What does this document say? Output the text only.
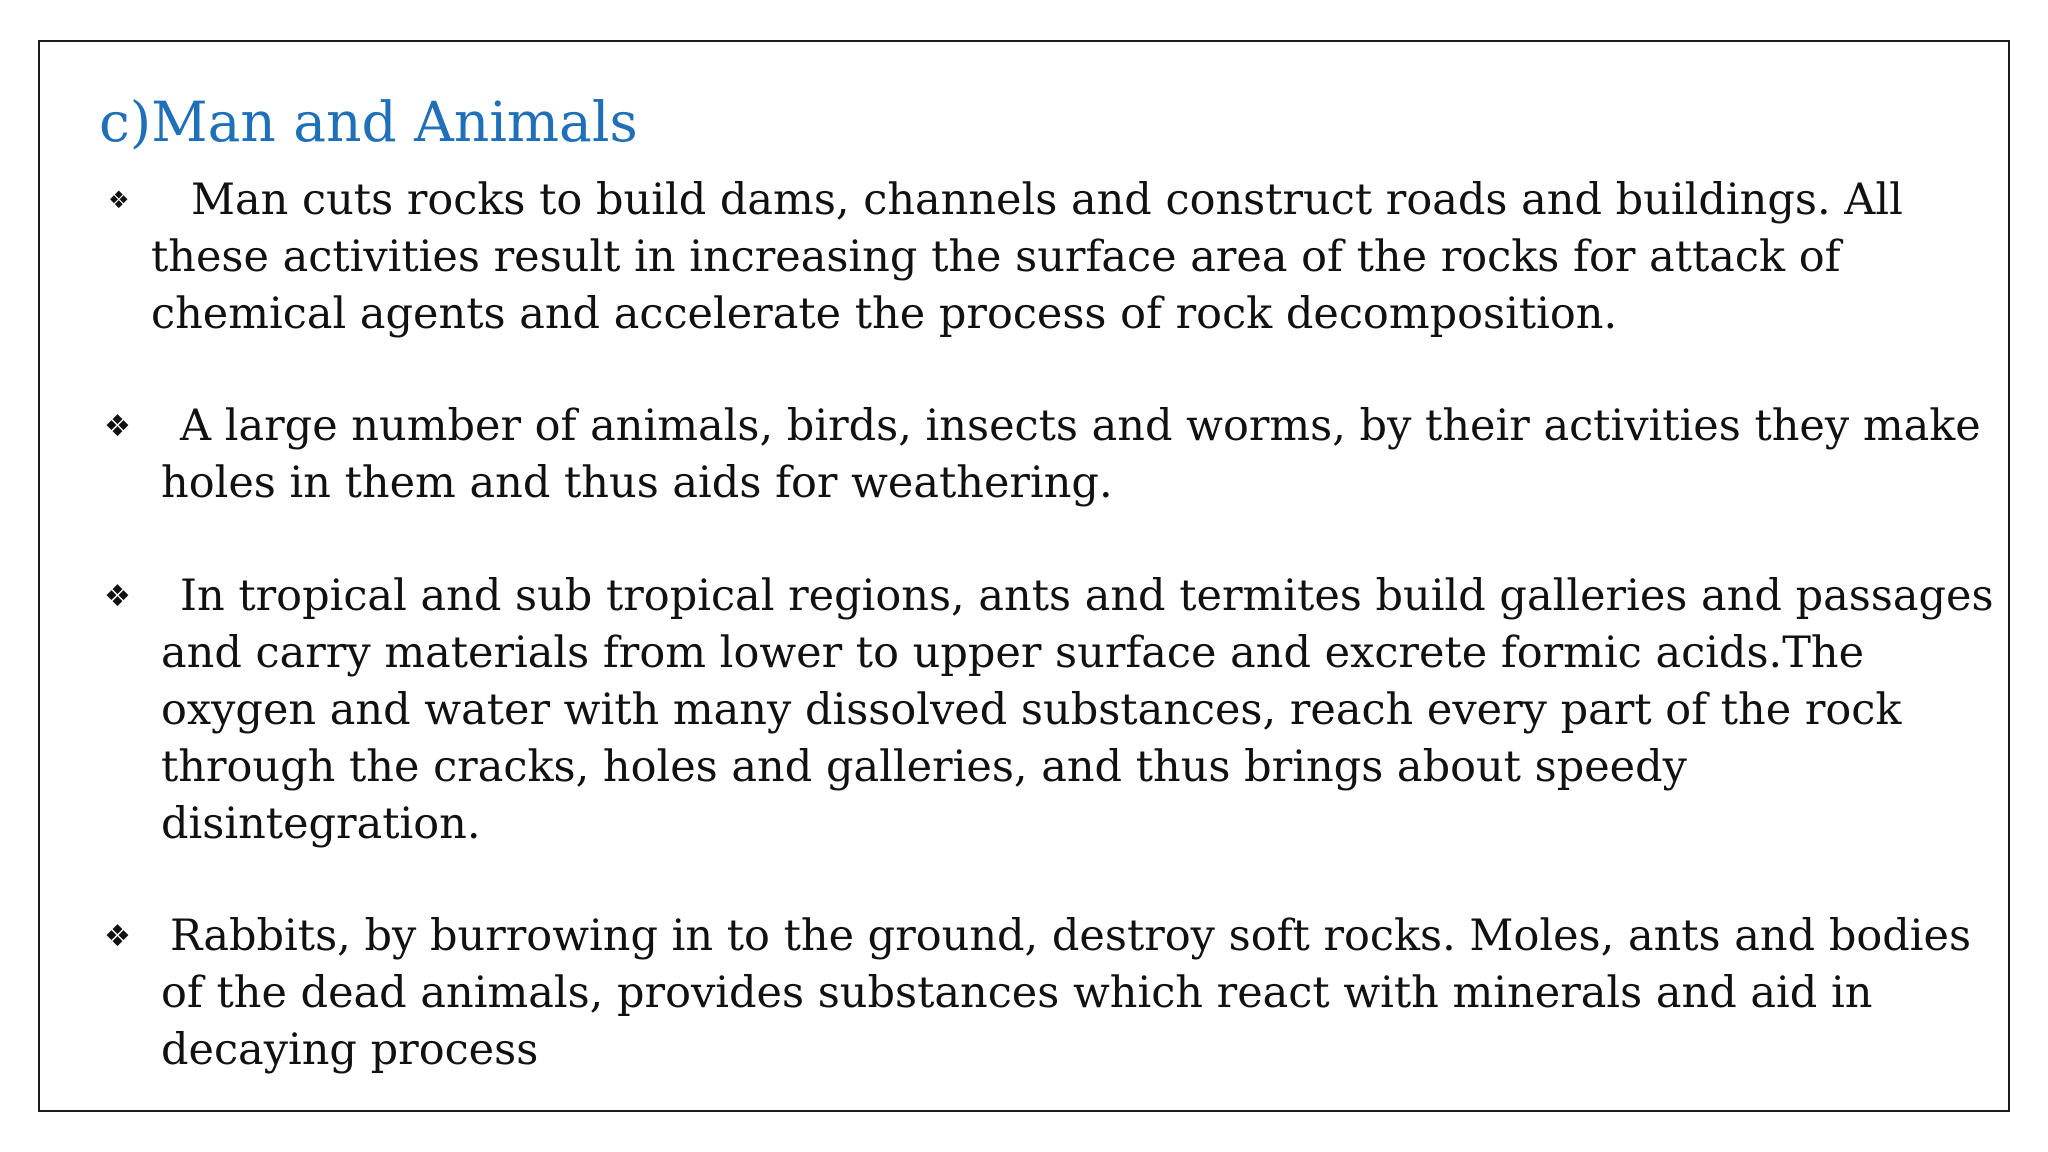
c)Man and Animals
❖	Man cuts rocks to build dams, channels and construct roads and buildings. All
these activities result in increasing the surface area of the rocks for attack of
chemical agents and accelerate the process of rock decomposition.
❖	A large number of animals, birds, insects and worms, by their activities they make
holes in them and thus aids for weathering.
❖	In tropical and sub tropical regions, ants and termites build galleries and passages
and carry materials from lower to upper surface and excrete formic acids.The
oxygen and water with many dissolved substances, reach every part of the rock
through the cracks, holes and galleries, and thus brings about speedy
disintegration.
❖ Rabbits, by burrowing in to the ground, destroy soft rocks. Moles, ants and bodies
of the dead animals, provides substances which react with minerals and aid in
decaying process
